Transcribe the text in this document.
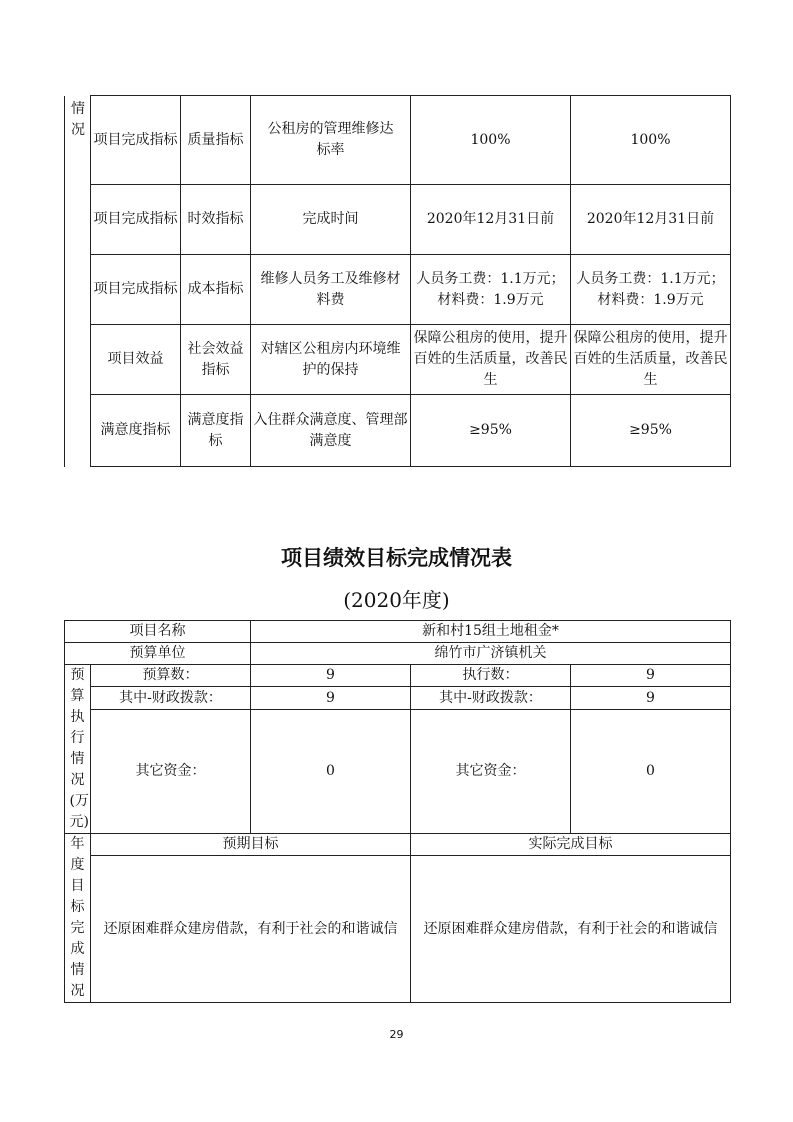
情况	项目完成指标	质量指标	公租房的管理维修达标率	100%	100%
	项目完成指标	时效指标	完成时间	2020年12月31日前	2020年12月31日前
	项目完成指标	成本指标	维修人员务工及维修材料费	人员务工费：1.1万元；材料费：1.9万元	人员务工费：1.1万元；材料费：1.9万元
	项目效益	社会效益指标	对辖区公租房内环境维护的保持	保障公租房的使用，提升百姓的生活质量，改善民生	保障公租房的使用，提升百姓的生活质量，改善民生
	满意度指标	满意度指标	入住群众满意度、管理部满意度	≥95%	≥95%
项目绩效目标完成情况表
(2020年度)
项目名称		新和村15组土地租金*		
预算单位		绵竹市广济镇机关		

预算执行情况(万元)	预算数：	9	执行数：	9
	其中-财政拨款：	9	其中-财政拨款：	9
	其它资金：	0	其它资金：	0

年度目标完成情况	预期目标		实际完成目标	
	还原困难群众建房借款，有利于社会的和谐诚信		还原困难群众建房借款，有利于社会的和谐诚信	
29
